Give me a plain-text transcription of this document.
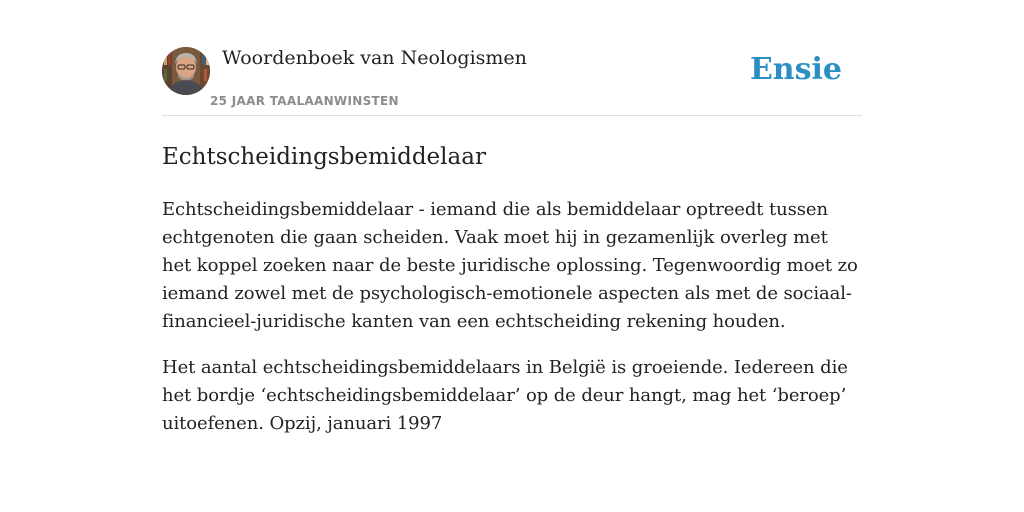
Woordenboek van Neologismen
25 JAAR TAALAANWINSTEN
Ensie
Echtscheidingsbemiddelaar

Echtscheidingsbemiddelaar - iemand die als bemiddelaar optreedt tussen echtgenoten die gaan scheiden. Vaak moet hij in gezamenlijk overleg met het koppel zoeken naar de beste juridische oplossing. Tegenwoordig moet zo iemand zowel met de psychologisch-emotionele aspecten als met de sociaal-financieel-juridische kanten van een echtscheiding rekening houden.

Het aantal echtscheidingsbemiddelaars in België is groeiende. Iedereen die het bordje ‘echtscheidingsbemiddelaar’ op de deur hangt, mag het ‘beroep’ uitoefenen. Opzij, januari 1997
